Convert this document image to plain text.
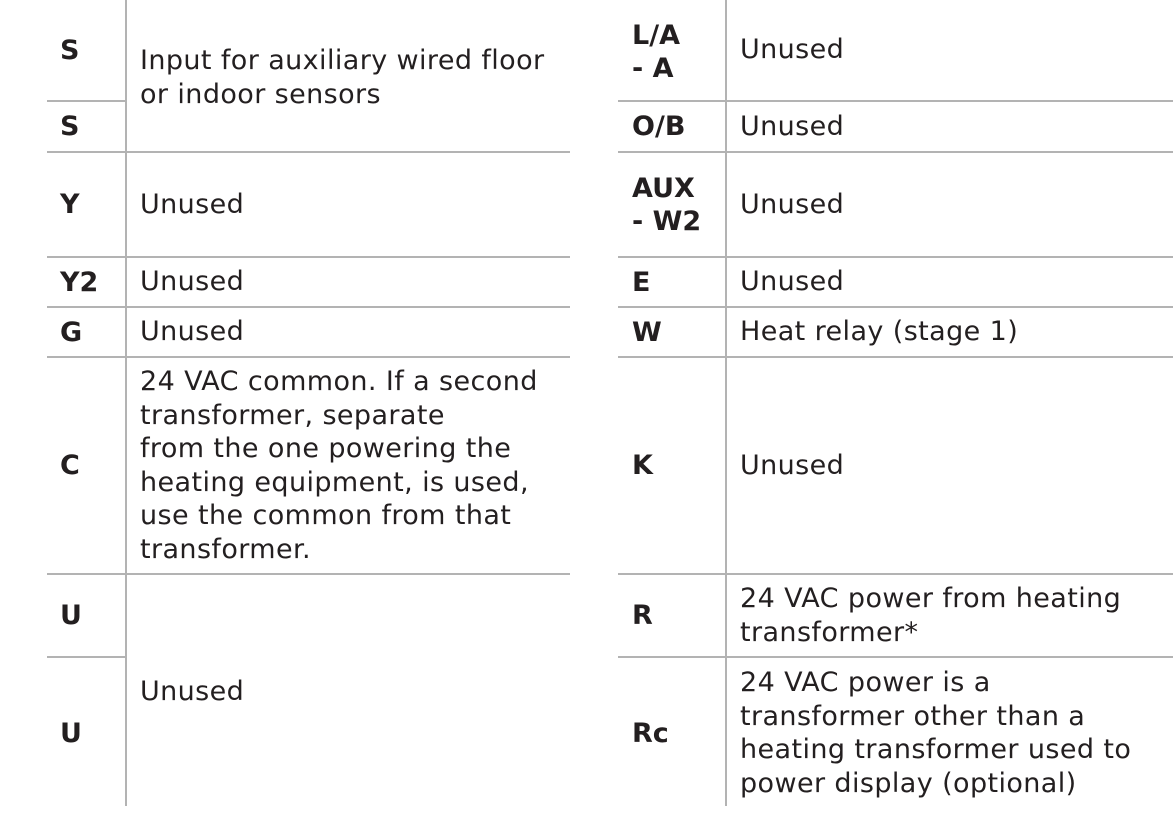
S
S
Y
Y2
G
C
U
U
Input for auxiliary wired floor
or indoor sensors
Unused
Unused
Unused
24 VAC common. If a second
transformer, separate
from the one powering the
heating equipment, is used,
use the common from that
transformer.
Unused
L/A
- A
O/B
AUX
- W2
E
W
K
R
Rc
Unused
Unused
Unused
Unused
Heat relay (stage 1)
Unused
24 VAC power from heating
transformer*
24 VAC power is a
transformer other than a
heating transformer used to
power display (optional)
